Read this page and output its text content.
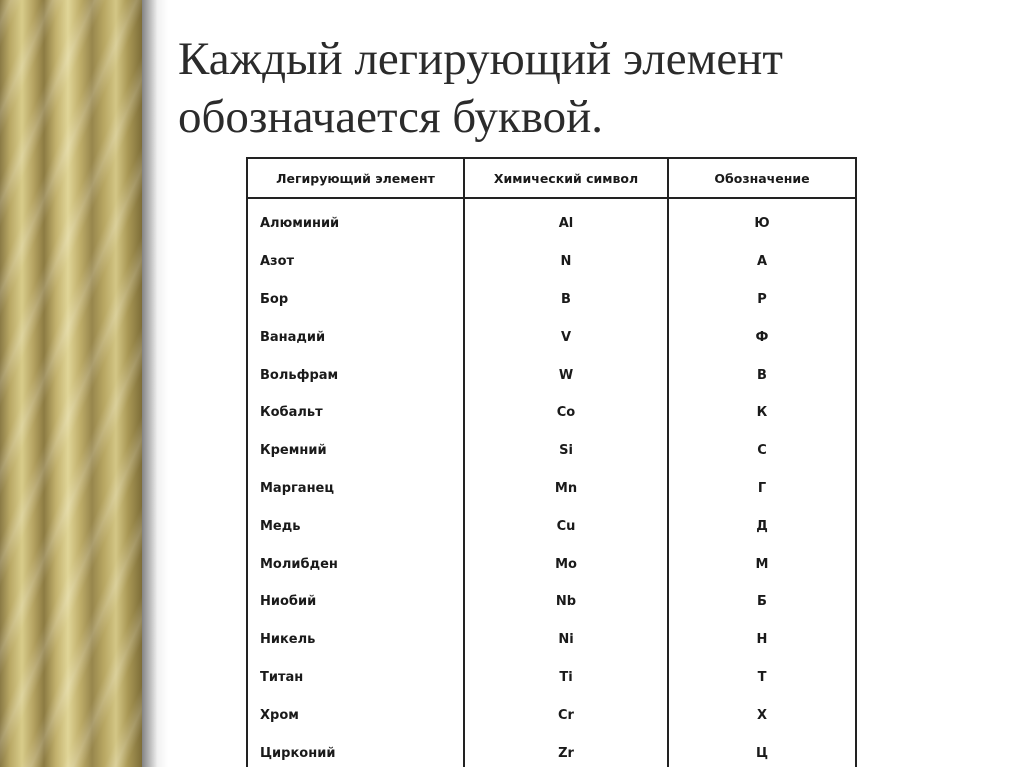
Каждый легирующий элемент
обозначается буквой.
Легирующий элемент	Химический символ	Обозначение

Алюминий	Al	Ю
Азот	N	А
Бор	B	Р
Ванадий	V	Ф
Вольфрам	W	В
Кобальт	Co	К
Кремний	Si	С
Марганец	Mn	Г
Медь	Cu	Д
Молибден	Mo	М
Ниобий	Nb	Б
Никель	Ni	Н
Титан	Ti	Т
Хром	Cr	Х
Цирконий	Zr	Ц
